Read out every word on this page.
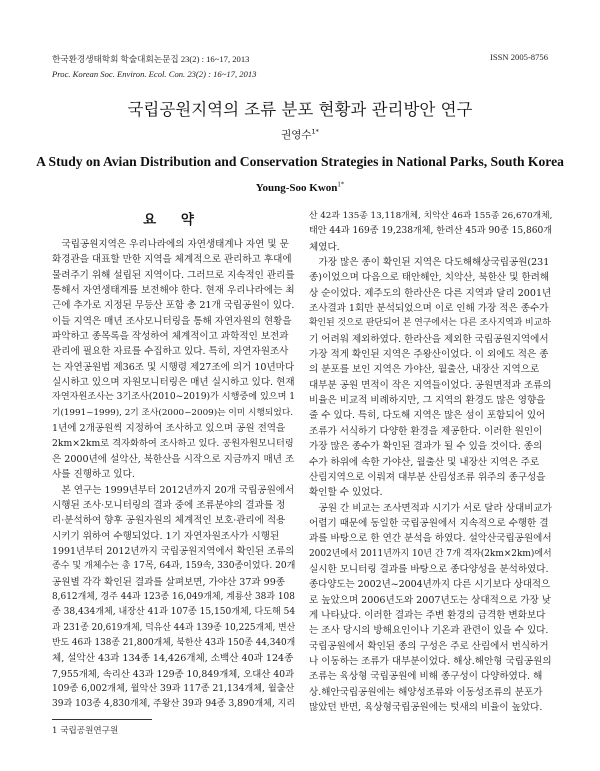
한국환경생태학회 학술대회논문집 23(2) : 16~17, 2013
Proc. Korean Soc. Environ. Ecol. Con. 23(2) : 16~17, 2013
ISSN 2005-8756
국립공원지역의 조류 분포 현황과 관리방안 연구
권영수$^{1*}$
A Study on Avian Distribution and Conservation Strategies in National Parks, South Korea
Young-Soo Kwon$^{1*}$
요 약
　국립공원지역은 우리나라에의 자연생태계나 자연 및 문
화경관을 대표할 만한 지역을 체계적으로 관리하고 후대에
물려주기 위해 설립된 지역이다. 그러므로 지속적인 관리를
통해서 자연생태계를 보전해야 한다. 현재 우리나라에는 최
근에 추가로 지정된 무등산 포함 총 21개 국립공원이 있다.
이들 지역은 매년 조사모니터링을 통해 자연자원의 현황을
파악하고 종목록을 작성하여 체계적이고 과학적인 보전과
관리에 필요한 자료를 수집하고 있다. 특히, 자연자원조사
는 자연공원법 제36조 및 시행령 제27조에 의거 10년마다
실시하고 있으며 자원모니터링은 매년 실시하고 있다. 현재
자연자원조사는 3기조사(2010~2019)가 시행중에 있으며 1
기(1991~1999), 2기 조사(2000~2009)는 이미 시행되었다.
1년에 2개공원씩 지정하여 조사하고 있으며 공원 전역을
2km×2km로 격자화하여 조사하고 있다. 공원자원모니터링
은 2000년에 설악산, 북한산을 시작으로 지금까지 매년 조
사를 진행하고 있다.
　본 연구는 1999년부터 2012년까지 20개 국립공원에서
시행된 조사·모니터링의 결과 중에 조류분야의 결과를 정
리·분석하여 향후 공원자원의 체계적인 보호·관리에 적용
시키기 위하여 수행되었다. 1기 자연자원조사가 시행된
1991년부터 2012년까지 국립공원지역에서 확인된 조류의
종수 및 개체수는 총 17목, 64과, 159속, 330종이었다. 20개
공원별 각각 확인된 결과를 살펴보면, 가야산 37과 99종
8,612개체, 경주 44과 123종 16,049개체, 계룡산 38과 108
종 38,434개체, 내장산 41과 107종 15,150개체, 다도해 54
과 231종 20,619개체, 덕유산 44과 139종 10,225개체, 변산
반도 46과 138종 21,800개체, 북한산 43과 150종 44,340개
체, 설악산 43과 134종 14,426개체, 소백산 40과 124종
7,955개체, 속리산 43과 129종 10,849개체, 오대산 40과
109종 6,002개체, 월악산 39과 117종 21,134개체, 월출산
39과 103종 4,830개체, 주왕산 39과 94종 3,890개체, 지리
산 42과 135종 13,118개체, 치악산 46과 155종 26,670개체,
태안 44과 169종 19,238개체, 한려산 45과 90종 15,860개
체였다.
　가장 많은 종이 확인된 지역은 다도해해상국립공원(231
종)이었으며 다음으로 태안해안, 치악산, 북한산 및 한려해
상 순이었다. 제주도의 한라산은 다른 지역과 달리 2001년
조사결과 1회만 분석되었으며 이로 인해 가장 적은 종수가
확인된 것으로 판단되어 본 연구에서는 다른 조사지역과 비교하
기 어려워 제외하였다. 한라산을 제외한 국립공원지역에서
가장 적게 확인된 지역은 주왕산이었다. 이 외에도 적은 종
의 분포를 보인 지역은 가야산, 월출산, 내장산 지역으로
대부분 공원 면적이 작은 지역들이었다. 공원면적과 조류의
비율은 비교적 비례하지만, 그 지역의 환경도 많은 영향을
줄 수 있다. 특히, 다도해 지역은 많은 섬이 포함되어 있어
조류가 서식하기 다양한 환경을 제공한다. 이러한 원인이
가장 많은 종수가 확인된 결과가 될 수 있을 것이다. 종의
수가 하위에 속한 가야산, 월출산 및 내장산 지역은 주로
산림지역으로 이뤄져 대부분 산림성조류 위주의 종구성을
확인할 수 있었다.
　공원 간 비교는 조사면적과 시기가 서로 달라 상대비교가
어렵기 때문에 동일한 국립공원에서 지속적으로 수행한 결
과를 바탕으로 한 연간 분석을 하였다. 설악산국립공원에서
2002년에서 2011년까지 10년 간 7개 격자(2km×2km)에서
실시한 모니터링 결과를 바탕으로 종다양성을 분석하였다.
종다양도는 2002년~2004년까지 다른 시기보다 상대적으
로 높았으며 2006년도와 2007년도는 상대적으로 가장 낮
게 나타났다. 이러한 결과는 주변 환경의 급격한 변화보다
는 조사 당시의 방해요인이나 기온과 관련이 있을 수 있다.
국립공원에서 확인된 종의 구성은 주로 산림에서 번식하거
나 이동하는 조류가 대부분이었다. 해상.해안형 국립공원의
조류는 육상형 국립공원에 비해 종구성이 다양하였다. 해
상.해안국립공원에는 해양성조류와 이동성조류의 분포가
많았던 반면, 육상형국립공원에는 텃새의 비율이 높았다.
1 국립공원연구원
